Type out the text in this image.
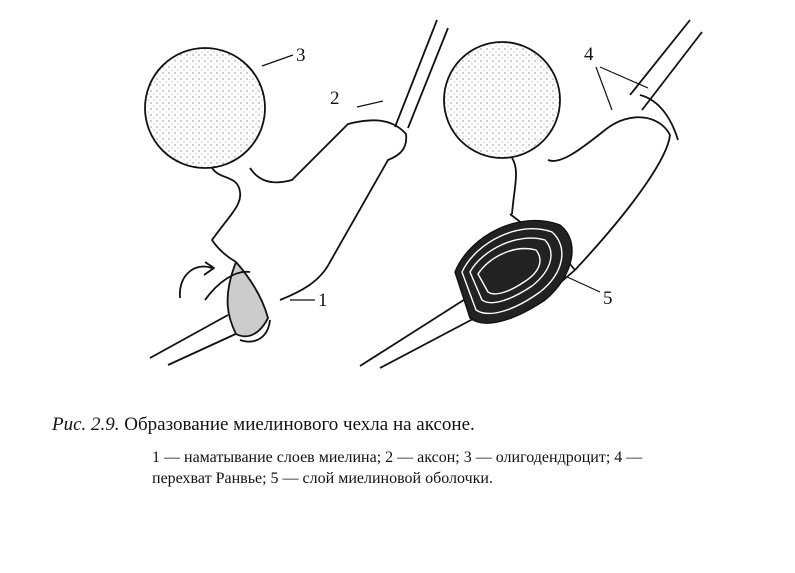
3
2
1
4
5
Рис. 2.9. Образование миелинового чехла на аксоне.
1 — наматывание слоев миелина; 2 — аксон; 3 — олигодендроцит; 4 —
перехват Ранвье; 5 — слой миелиновой оболочки.
